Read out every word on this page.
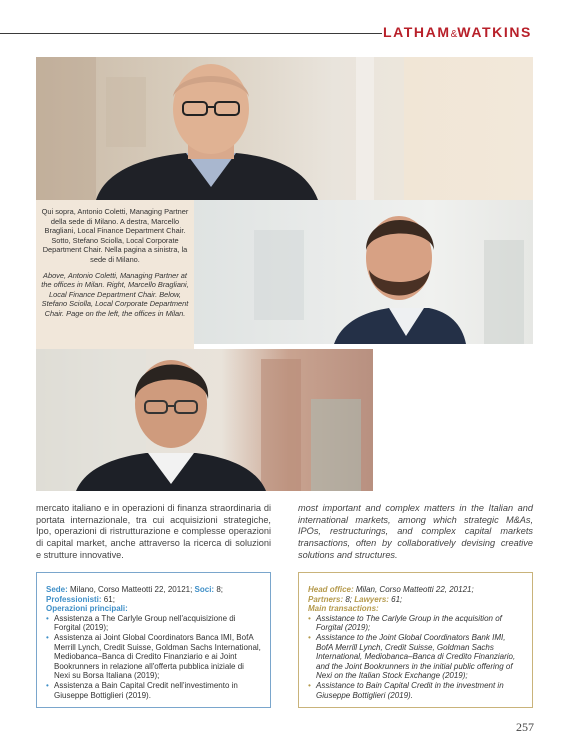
LATHAM&WATKINS

Qui sopra, Antonio Coletti, Managing Partner della sede di Milano. A destra, Marcello Bragliani, Local Finance Department Chair. Sotto, Stefano Sciolla, Local Corporate Department Chair. Nella pagina a sinistra, la sede di Milano.

Above, Antonio Coletti, Managing Partner at the offices in Milan. Right, Marcello Bragliani, Local Finance Department Chair. Below, Stefano Sciolla, Local Corporate Department Chair. Page on the left, the offices in Milan.

mercato italiano e in operazioni di finanza straordinaria di portata internazionale, tra cui acquisizioni strategiche, Ipo, operazioni di ristrutturazione e complesse operazioni di capital market, anche attraverso la ricerca di soluzioni e strutture innovative.
most important and complex matters in the Italian and international markets, among which strategic M&As, IPOs, restructurings, and complex capital markets transactions, often by collaboratively devising creative solutions and structures.
Sede: Milano, Corso Matteotti 22, 20121; Soci: 8;
Professionisti: 61;
Operazioni principali:
• Assistenza a The Carlyle Group nell'acquisizione di Forgital (2019);
• Assistenza ai Joint Global Coordinators Banca IMI, BofA Merrill Lynch, Credit Suisse, Goldman Sachs International, Mediobanca–Banca di Credito Finanziario e ai Joint Bookrunners in relazione all'offerta pubblica iniziale di Nexi su Borsa Italiana (2019);
• Assistenza a Bain Capital Credit nell'investimento in Giuseppe Bottiglieri (2019).
Head office: Milan, Corso Matteotti 22, 20121;
Partners: 8; Lawyers: 61;
Main transactions:
• Assistance to The Carlyle Group in the acquisition of Forgital (2019);
• Assistance to the Joint Global Coordinators Bank IMI, BofA Merrill Lynch, Credit Suisse, Goldman Sachs International, Mediobanca–Banca di Credito Finanziario, and the Joint Bookrunners in the initial public offering of Nexi on the Italian Stock Exchange (2019);
• Assistance to Bain Capital Credit in the investment in Giuseppe Bottiglieri (2019).
257
